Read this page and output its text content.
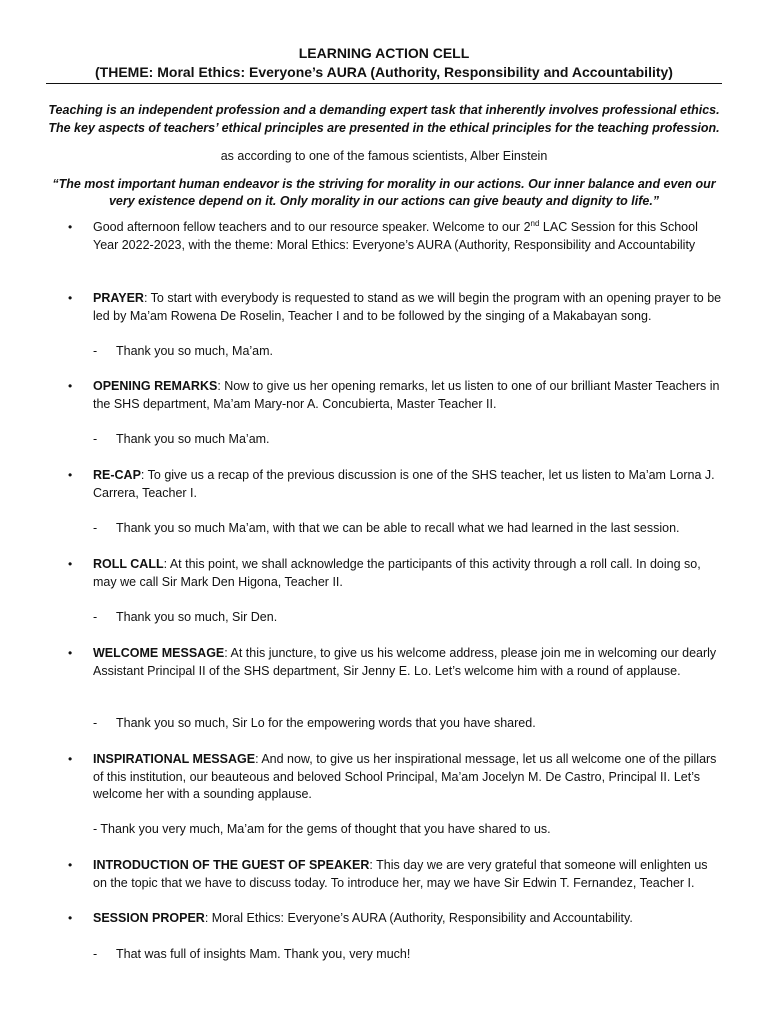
LEARNING ACTION CELL
(THEME: Moral Ethics: Everyone’s AURA (Authority, Responsibility and Accountability)
Teaching is an independent profession and a demanding expert task that inherently involves professional ethics.
The key aspects of teachers’ ethical principles are presented in the ethical principles for the teaching profession.
as according to one of the famous scientists, Alber Einstein
“The most important human endeavor is the striving for morality in our actions. Our inner balance and even our
very existence depend on it. Only morality in our actions can give beauty and dignity to life.”
• Good afternoon fellow teachers and to our resource speaker. Welcome to our 2nd LAC Session for this School Year 2022-2023, with the theme: Moral Ethics: Everyone’s AURA (Authority, Responsibility and Accountability
• PRAYER: To start with everybody is requested to stand as we will begin the program with an opening prayer to be led by Ma’am Rowena De Roselin, Teacher I and to be followed by the singing of a Makabayan song.
- Thank you so much, Ma’am.
• OPENING REMARKS: Now to give us her opening remarks, let us listen to one of our brilliant Master Teachers in the SHS department, Ma’am Mary-nor A. Concubierta, Master Teacher II.
- Thank you so much Ma’am.
• RE-CAP: To give us a recap of the previous discussion is one of the SHS teacher, let us listen to Ma’am Lorna J. Carrera, Teacher I.
- Thank you so much Ma’am, with that we can be able to recall what we had learned in the last session.
• ROLL CALL: At this point, we shall acknowledge the participants of this activity through a roll call. In doing so, may we call Sir Mark Den Higona, Teacher II.
- Thank you so much, Sir Den.
• WELCOME MESSAGE: At this juncture, to give us his welcome address, please join me in welcoming our dearly Assistant Principal II of the SHS department, Sir Jenny E. Lo. Let’s welcome him with a round of applause.
- Thank you so much, Sir Lo for the empowering words that you have shared.
• INSPIRATIONAL MESSAGE: And now, to give us her inspirational message, let us all welcome one of the pillars of this institution, our beauteous and beloved School Principal, Ma’am Jocelyn M. De Castro, Principal II. Let’s welcome her with a sounding applause.
- Thank you very much, Ma’am for the gems of thought that you have shared to us.
• INTRODUCTION OF THE GUEST OF SPEAKER: This day we are very grateful that someone will enlighten us on the topic that we have to discuss today. To introduce her, may we have Sir Edwin T. Fernandez, Teacher I.
• SESSION PROPER: Moral Ethics: Everyone’s AURA (Authority, Responsibility and Accountability.
- That was full of insights Mam. Thank you, very much!
